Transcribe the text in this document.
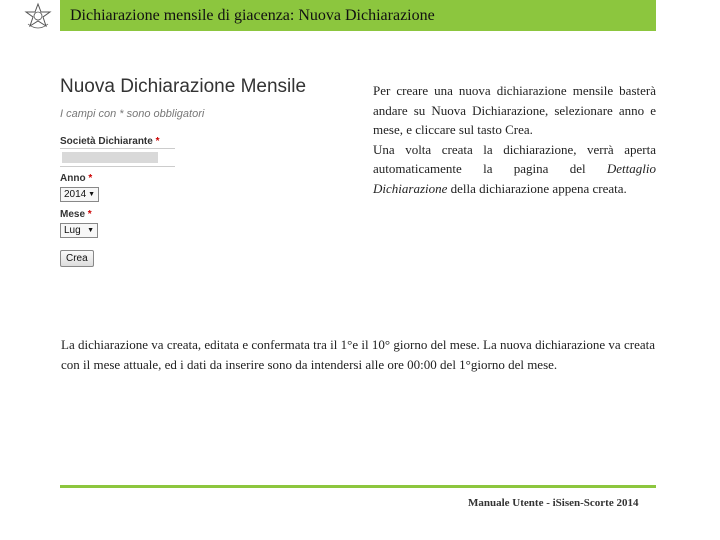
Dichiarazione mensile di giacenza: Nuova Dichiarazione
Nuova Dichiarazione Mensile
I campi con * sono obbligatori
Società Dichiarante *
Anno *
2014 ▼
Mese *
Lug ▼
Crea

Per creare una nuova dichiarazione mensile basterà andare su Nuova Dichiarazione, selezionare anno e mese, e cliccare sul tasto Crea.

Una volta creata la dichiarazione, verrà aperta automaticamente la pagina del Dettaglio Dichiarazione della dichiarazione appena creata.

La dichiarazione va creata, editata e confermata tra il 1°e il 10° giorno del mese. La nuova dichiarazione va creata con il mese attuale, ed i dati da inserire sono da intendersi alle ore 00:00 del 1°giorno del mese.
Manuale Utente - iSisen-Scorte 2014
